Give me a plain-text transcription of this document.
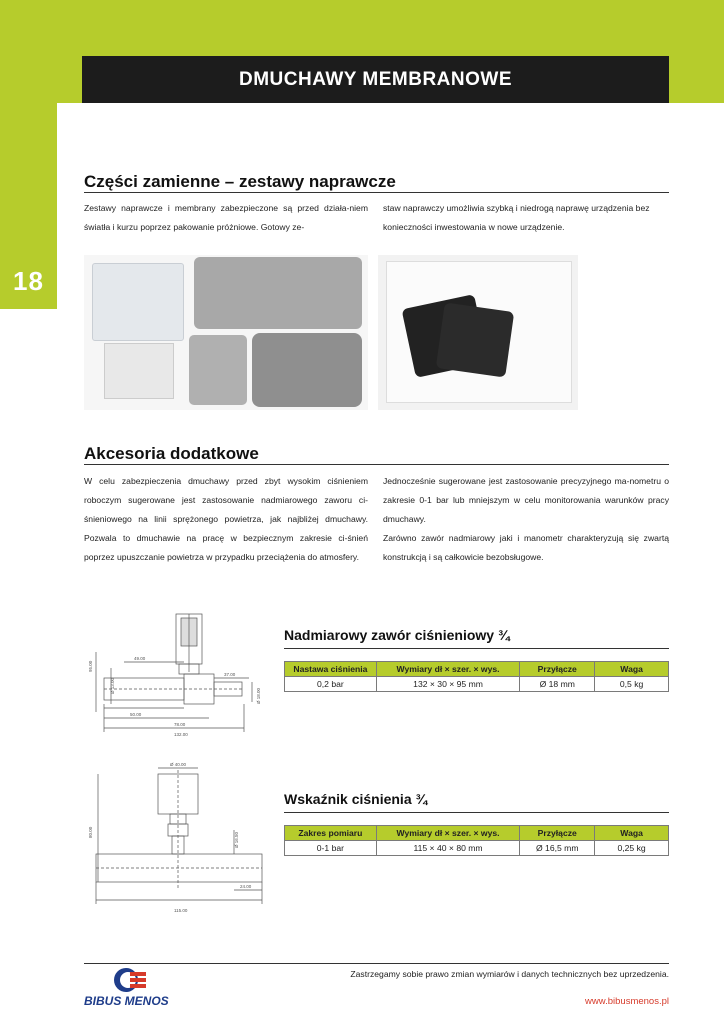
18
DMUCHAWY MEMBRANOWE
Części zamienne – zestawy naprawcze
Zestawy naprawcze i membrany zabezpieczone są przed działa-niem światła i kurzu poprzez pakowanie próżniowe. Gotowy ze-
staw naprawczy umożliwia szybką i niedrogą naprawę urządzenia bez konieczności inwestowania w nowe urządzenie.
Akcesoria dodatkowe
W celu zabezpieczenia dmuchawy przed zbyt wysokim ciśnieniem roboczym sugerowane jest zastosowanie nadmiarowego zaworu ci-śnieniowego na linii sprężonego powietrza, jak najbliżej dmuchawy. Pozwala to dmuchawie na pracę w bezpiecznym zakresie ci-śnień poprzez upuszczanie powietrza w przypadku przeciążenia do atmosfery.
Jednocześnie sugerowane jest zastosowanie precyzyjnego ma-nometru o zakresie 0-1 bar lub mniejszym w celu monitorowania warunków pracy dmuchawy.
Zarówno zawór nadmiarowy jaki i manometr charakteryzują się zwartą konstrukcją i są całkowicie bezobsługowe.
49.00
37.00
50.00
78.00
132.00
Ø 13.00
Ø 18.00
95.00
Nadmiarowy zawór ciśnieniowy ¾
Nastawa ciśnienia	Wymiary dł × szer. × wys.	Przyłącze	Waga
0,2 bar	132 × 30 × 95 mm	Ø 18 mm	0,5 kg
Ø 40.00
80.00	Ø 16.50
24.00
115.00
Wskaźnik ciśnienia ¾
Zakres pomiaru	Wymiary dł × szer. × wys.	Przyłącze	Waga
0-1 bar	115 × 40 × 80 mm	Ø 16,5 mm	0,25 kg
Zastrzegamy sobie prawo zmian wymiarów i danych technicznych bez uprzedzenia.
BIBUS MENOS	www.bibusmenos.pl
